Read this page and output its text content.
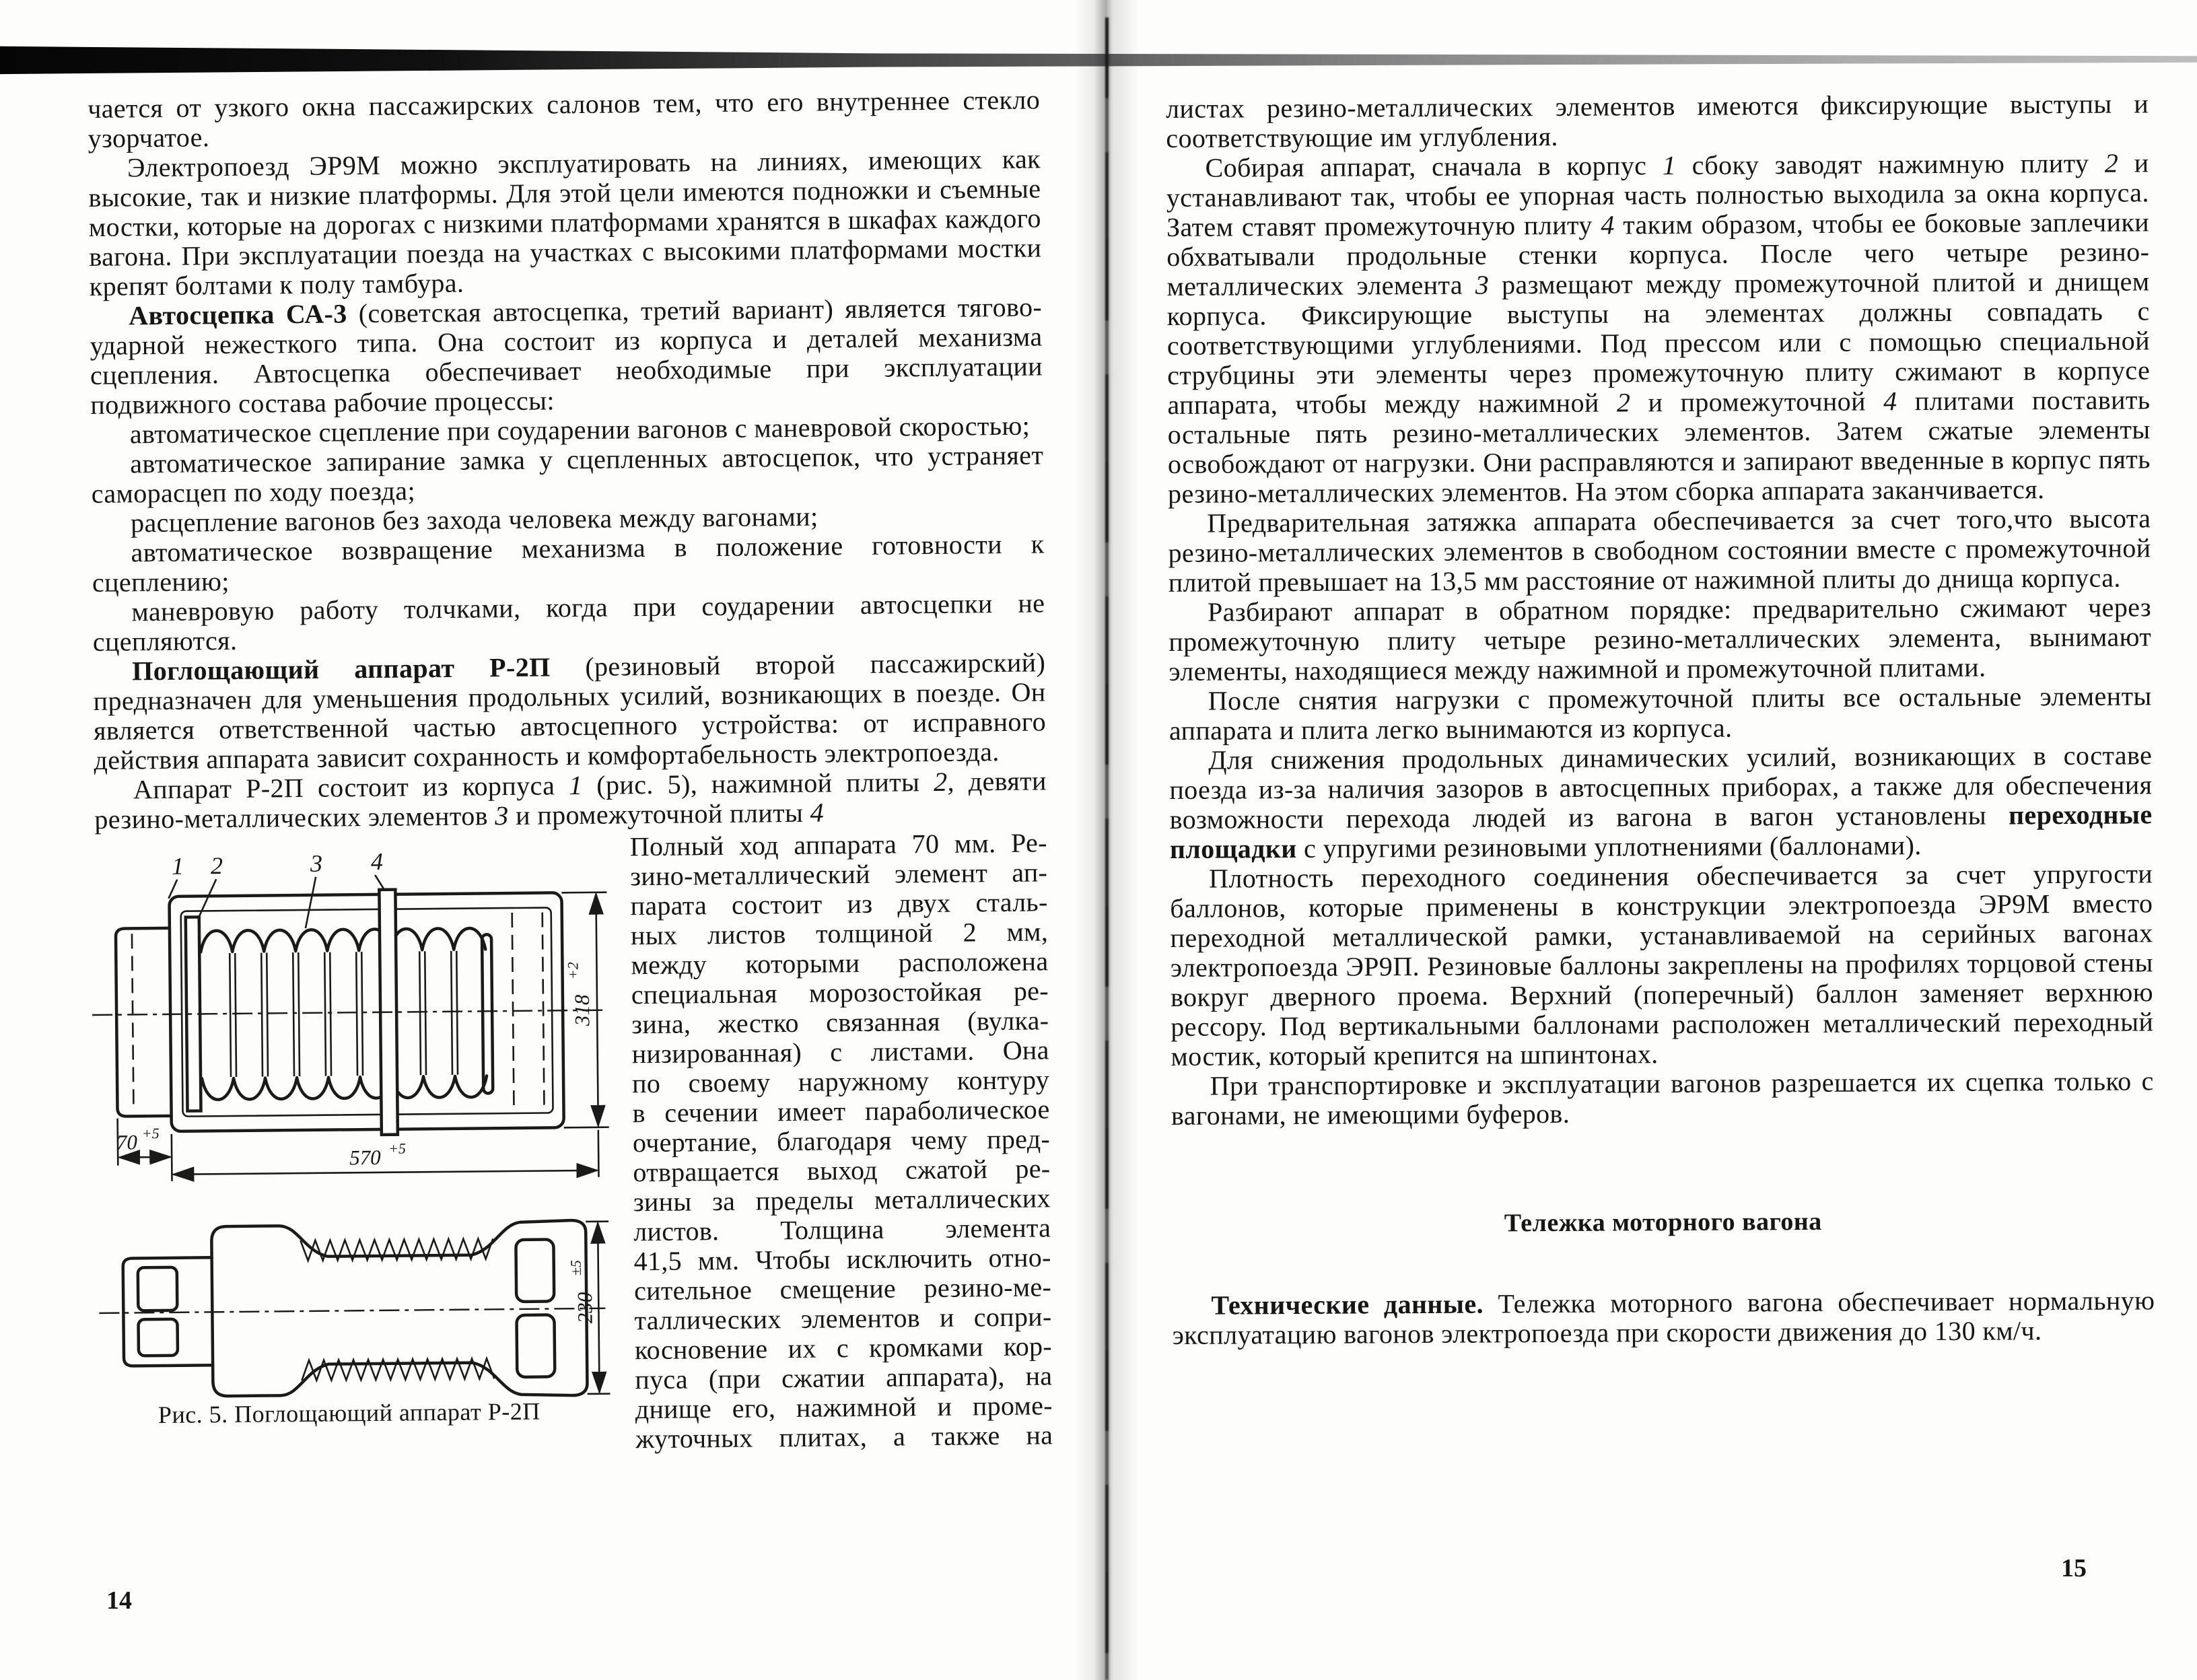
чается от узкого окна пассажирских салонов тем, что его внутреннее стекло узорчатое.

Электропоезд ЭР9М можно эксплуатировать на линиях, имеющих как высокие, так и низкие платформы. Для этой цели имеются подножки и съемные мостки, которые на дорогах с низкими платформами хранятся в шкафах каждого вагона. При эксплуатации поезда на участках с высокими платформами мостки крепят болтами к полу тамбура.

Автосцепка СА-3 (советская автосцепка, третий вариант) является тягово-ударной нежесткого типа. Она состоит из корпуса и деталей механизма сцепления. Автосцепка обеспечивает необходимые при эксплуатации подвижного состава рабочие процессы:

автоматическое сцепление при соударении вагонов с маневровой скоростью;

автоматическое запирание замка у сцепленных автосцепок, что устраняет саморасцеп по ходу поезда;

расцепление вагонов без захода человека между вагонами;

автоматическое возвращение механизма в положение готовности к сцеплению;

маневровую работу толчками, когда при соударении автосцепки не сцепляются.

Поглощающий аппарат Р-2П (резиновый второй пассажирский) предназначен для уменьшения продольных усилий, возникающих в поезде. Он является ответственной частью автосцепного устройства: от исправного действия аппарата зависит сохранность и комфортабельность электропоезда.

Аппарат Р-2П состоит из корпуса 1 (рис. 5), нажимной плиты 2, девяти резино-металлических элементов 3 и промежуточной плиты 4

1 2	3 4
318
+2
70 +5
570 +5
230
±5
Рис. 5. Поглощающий аппарат Р-2П
Полный ход аппарата 70 мм. Ре-
зино-металлический элемент ап-
парата состоит из двух сталь-
ных листов толщиной 2 мм,
между которыми расположена
специальная морозостойкая ре-
зина, жестко связанная (вулка-
низированная) с листами. Она
по своему наружному контуру
в сечении имеет параболическое
очертание, благодаря чему пред-
отвращается выход сжатой ре-
зины за пределы металлических
листов. Толщина элемента
41,5 мм. Чтобы исключить отно-
сительное смещение резино-ме-
таллических элементов и сопри-
косновение их с кромками кор-
пуса (при сжатии аппарата), на
днище его, нажимной и проме-
жуточных плитах, а также на

листах резино-металлических элементов имеются фиксирующие выступы и соответствующие им углубления.

Собирая аппарат, сначала в корпус 1 сбоку заводят нажимную плиту 2 и устанавливают так, чтобы ее упорная часть полностью выходила за окна корпуса. Затем ставят промежуточную плиту 4 таким образом, чтобы ее боковые заплечики обхватывали продольные стенки корпуса. После чего четыре резино-металлических элемента 3 размещают между промежуточной плитой и днищем корпуса. Фиксирующие выступы на элементах должны совпадать с соответствующими углублениями. Под прессом или с помощью специальной струбцины эти элементы через промежуточную плиту сжимают в корпусе аппарата, чтобы между нажимной 2 и промежуточной 4 плитами поставить остальные пять резино-металлических элементов. Затем сжатые элементы освобождают от нагрузки. Они расправляются и запирают введенные в корпус пять резино-металлических элементов. На этом сборка аппарата заканчивается.

Предварительная затяжка аппарата обеспечивается за счет того,что высота резино-металлических элементов в свободном состоянии вместе с промежуточной плитой превышает на 13,5 мм расстояние от нажимной плиты до днища корпуса.

Разбирают аппарат в обратном порядке: предварительно сжимают через промежуточную плиту четыре резино-металлических элемента, вынимают элементы, находящиеся между нажимной и промежуточной плитами.

После снятия нагрузки с промежуточной плиты все остальные элементы аппарата и плита легко вынимаются из корпуса.

Для снижения продольных динамических усилий, возникающих в составе поезда из-за наличия зазоров в автосцепных приборах, а также для обеспечения возможности перехода людей из вагона в вагон установлены переходные площадки с упругими резиновыми уплотнениями (баллонами).

Плотность переходного соединения обеспечивается за счет упругости баллонов, которые применены в конструкции электропоезда ЭР9М вместо переходной металлической рамки, устанавливаемой на серийных вагонах электропоезда ЭР9П. Резиновые баллоны закреплены на профилях торцовой стены вокруг дверного проема. Верхний (поперечный) баллон заменяет верхнюю рессору. Под вертикальными баллонами расположен металлический переходный мостик, который крепится на шпинтонах.

При транспортировке и эксплуатации вагонов разрешается их сцепка только с вагонами, не имеющими буферов.

Тележка моторного вагона

Технические данные. Тележка моторного вагона обеспечивает нормальную эксплуатацию вагонов электропоезда при скорости движения до 130 км/ч.

14
15
